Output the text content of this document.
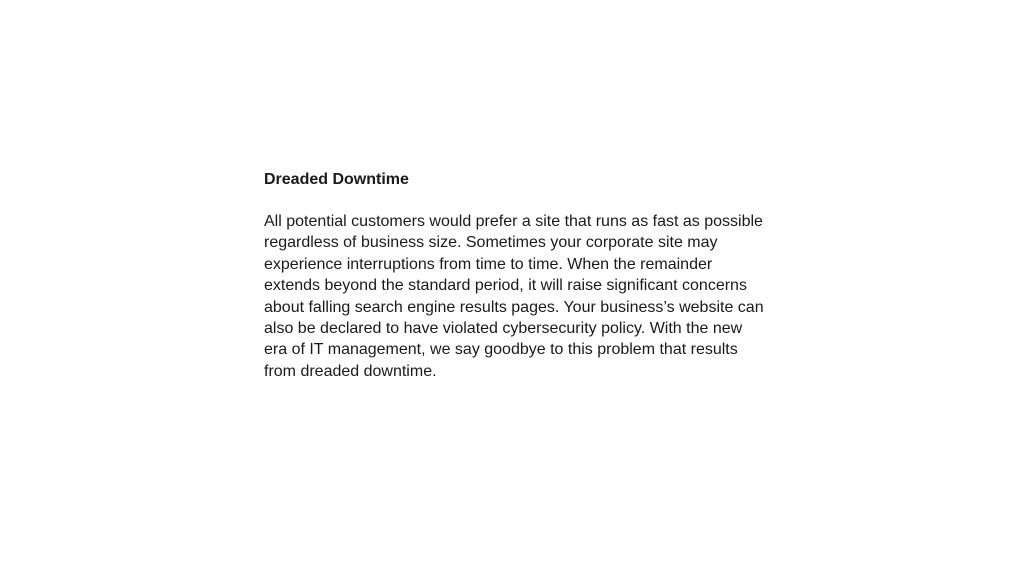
Dreaded Downtime

All potential customers would prefer a site that runs as fast as possible regardless of business size. Sometimes your corporate site may experience interruptions from time to time. When the remainder extends beyond the standard period, it will raise significant concerns about falling search engine results pages. Your business’s website can also be declared to have violated cybersecurity policy. With the new era of IT management, we say goodbye to this problem that results from dreaded downtime.
